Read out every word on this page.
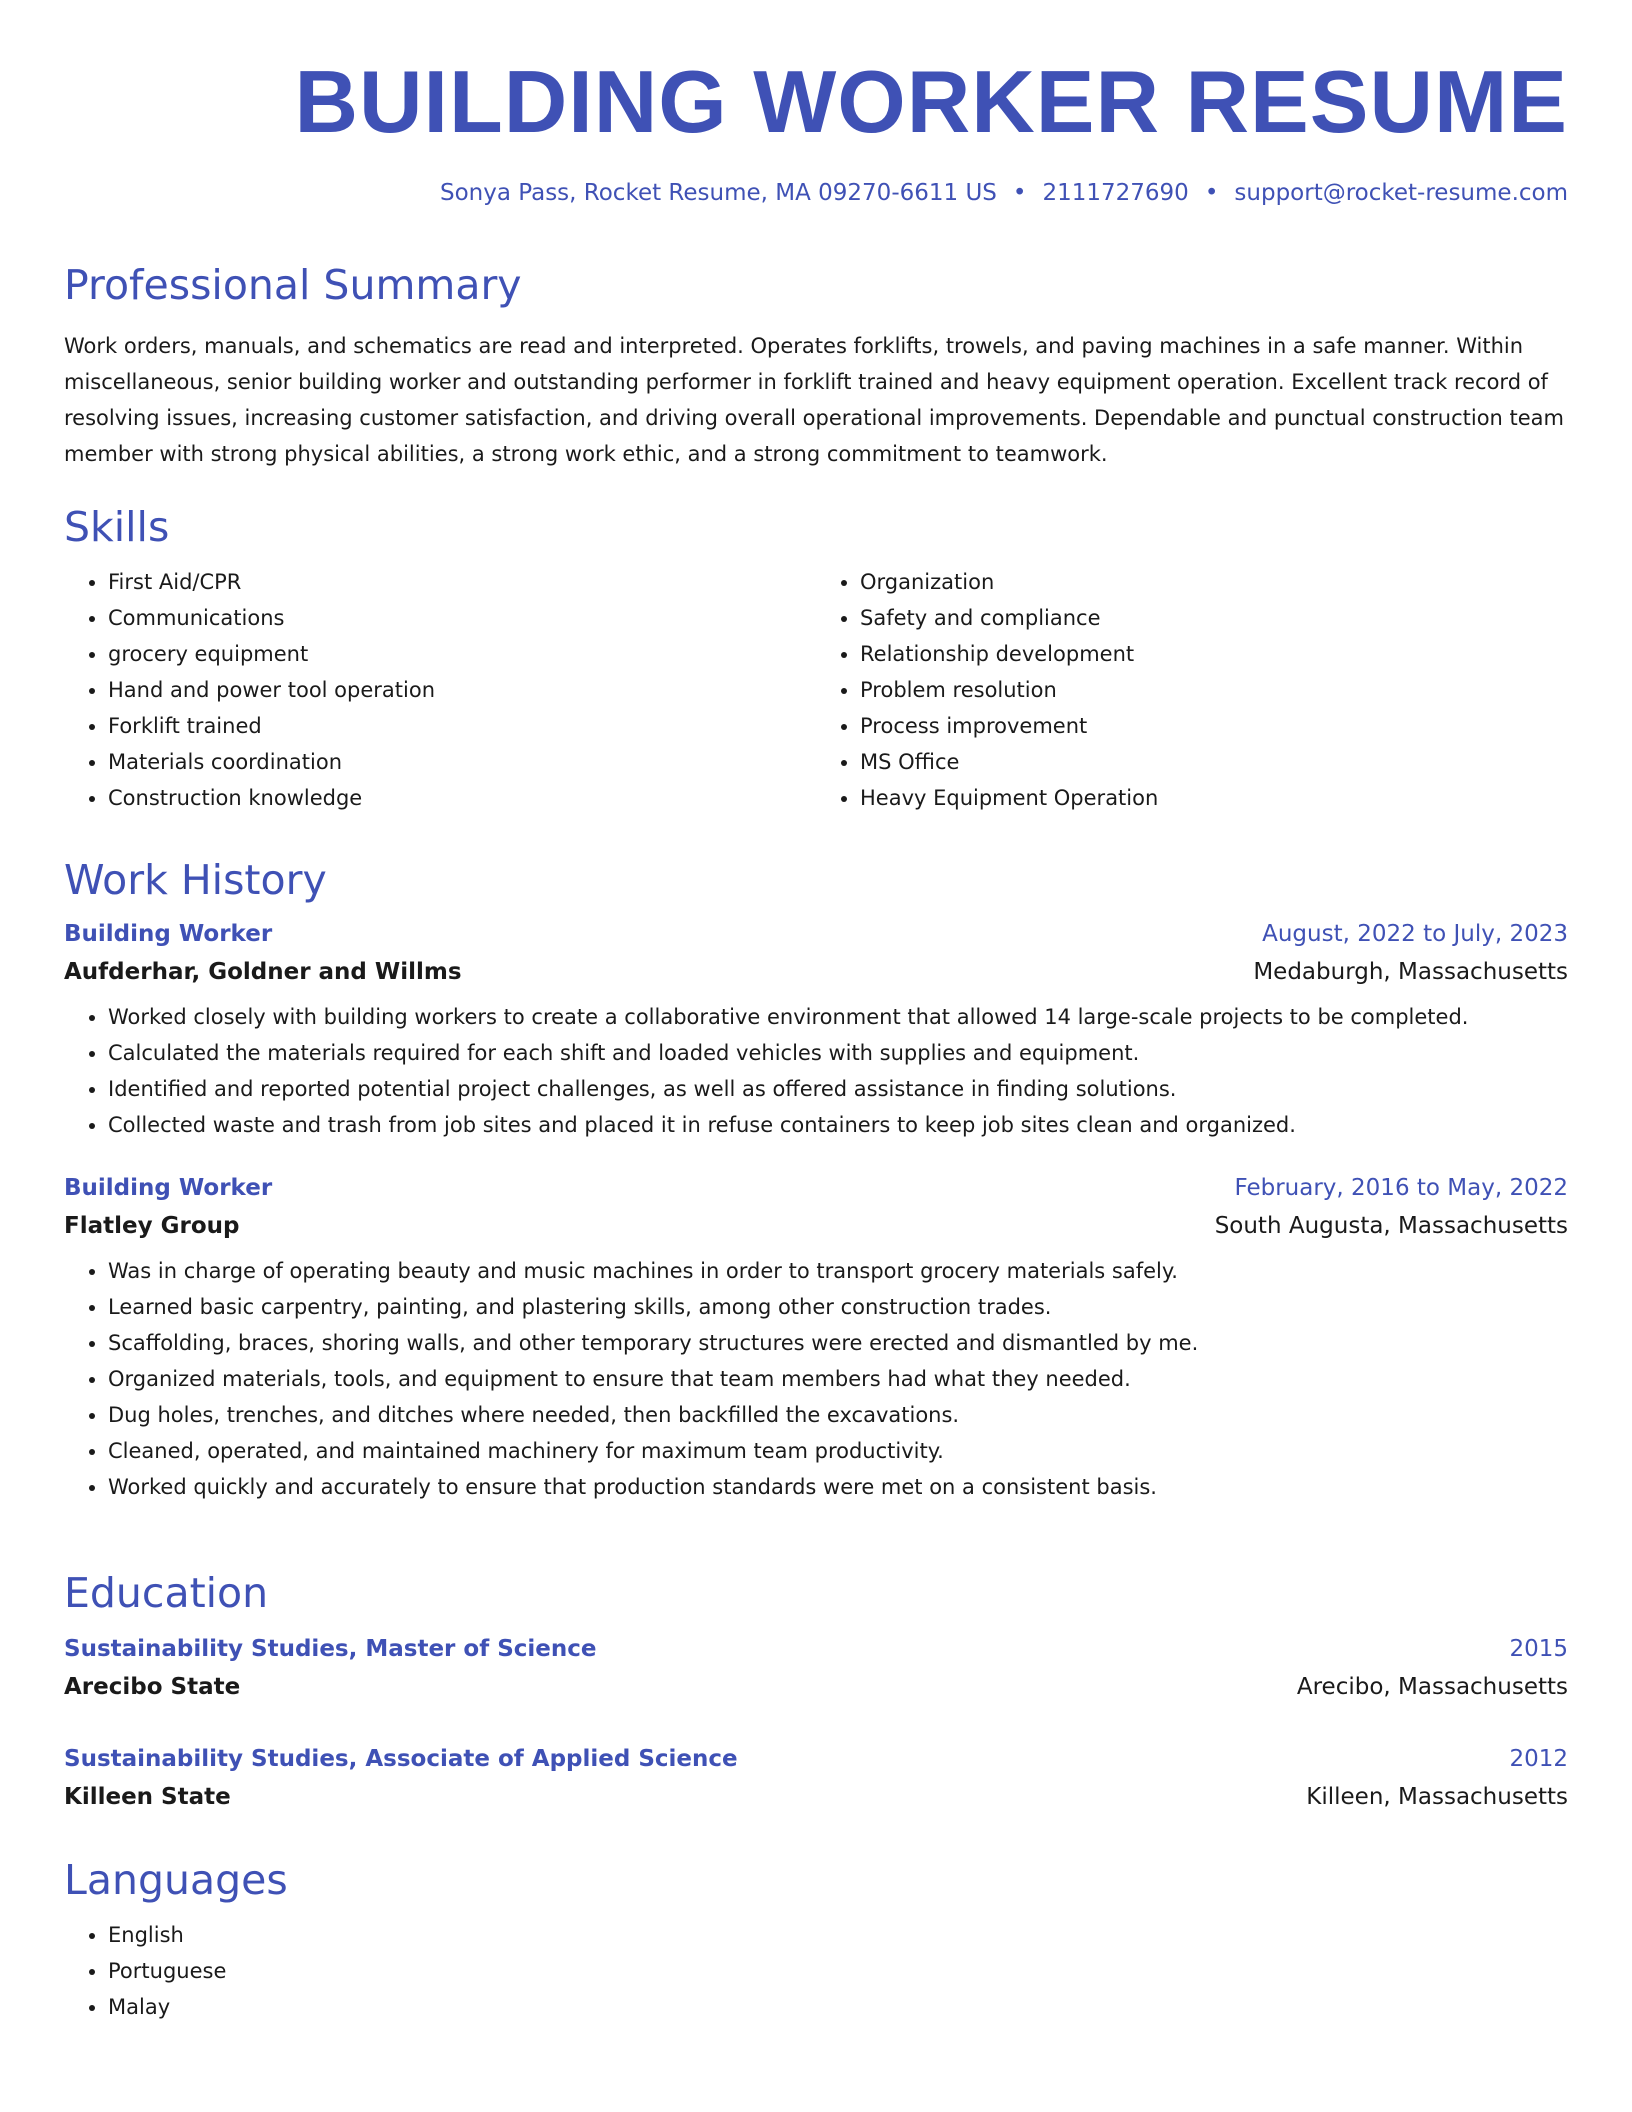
BUILDING WORKER RESUME
Sonya Pass, Rocket Resume, MA 09270-6611 US • 2111727690 • support@rocket-resume.com
Professional Summary

Work orders, manuals, and schematics are read and interpreted. Operates forklifts, trowels, and paving machines in a safe manner. Within miscellaneous, senior building worker and outstanding performer in forklift trained and heavy equipment operation. Excellent track record of resolving issues, increasing customer satisfaction, and driving overall operational improvements. Dependable and punctual construction team member with strong physical abilities, a strong work ethic, and a strong commitment to teamwork.

Skills
• First Aid/CPR
• Communications
• grocery equipment
• Hand and power tool operation
• Forklift trained
• Materials coordination
• Construction knowledge
• Organization
• Safety and compliance
• Relationship development
• Problem resolution
• Process improvement
• MS Office
• Heavy Equipment Operation
Work History
Building Worker	August, 2022 to July, 2023
Aufderhar, Goldner and Willms	Medaburgh, Massachusetts
• Worked closely with building workers to create a collaborative environment that allowed 14 large-scale projects to be completed.
• Calculated the materials required for each shift and loaded vehicles with supplies and equipment.
• Identified and reported potential project challenges, as well as offered assistance in finding solutions.
• Collected waste and trash from job sites and placed it in refuse containers to keep job sites clean and organized.
Building Worker	February, 2016 to May, 2022
Flatley Group	South Augusta, Massachusetts
• Was in charge of operating beauty and music machines in order to transport grocery materials safely.
• Learned basic carpentry, painting, and plastering skills, among other construction trades.
• Scaffolding, braces, shoring walls, and other temporary structures were erected and dismantled by me.
• Organized materials, tools, and equipment to ensure that team members had what they needed.
• Dug holes, trenches, and ditches where needed, then backfilled the excavations.
• Cleaned, operated, and maintained machinery for maximum team productivity.
• Worked quickly and accurately to ensure that production standards were met on a consistent basis.
Education
Sustainability Studies, Master of Science	2015
Arecibo State	Arecibo, Massachusetts
Sustainability Studies, Associate of Applied Science	2012
Killeen State	Killeen, Massachusetts
Languages
• English
• Portuguese
• Malay
